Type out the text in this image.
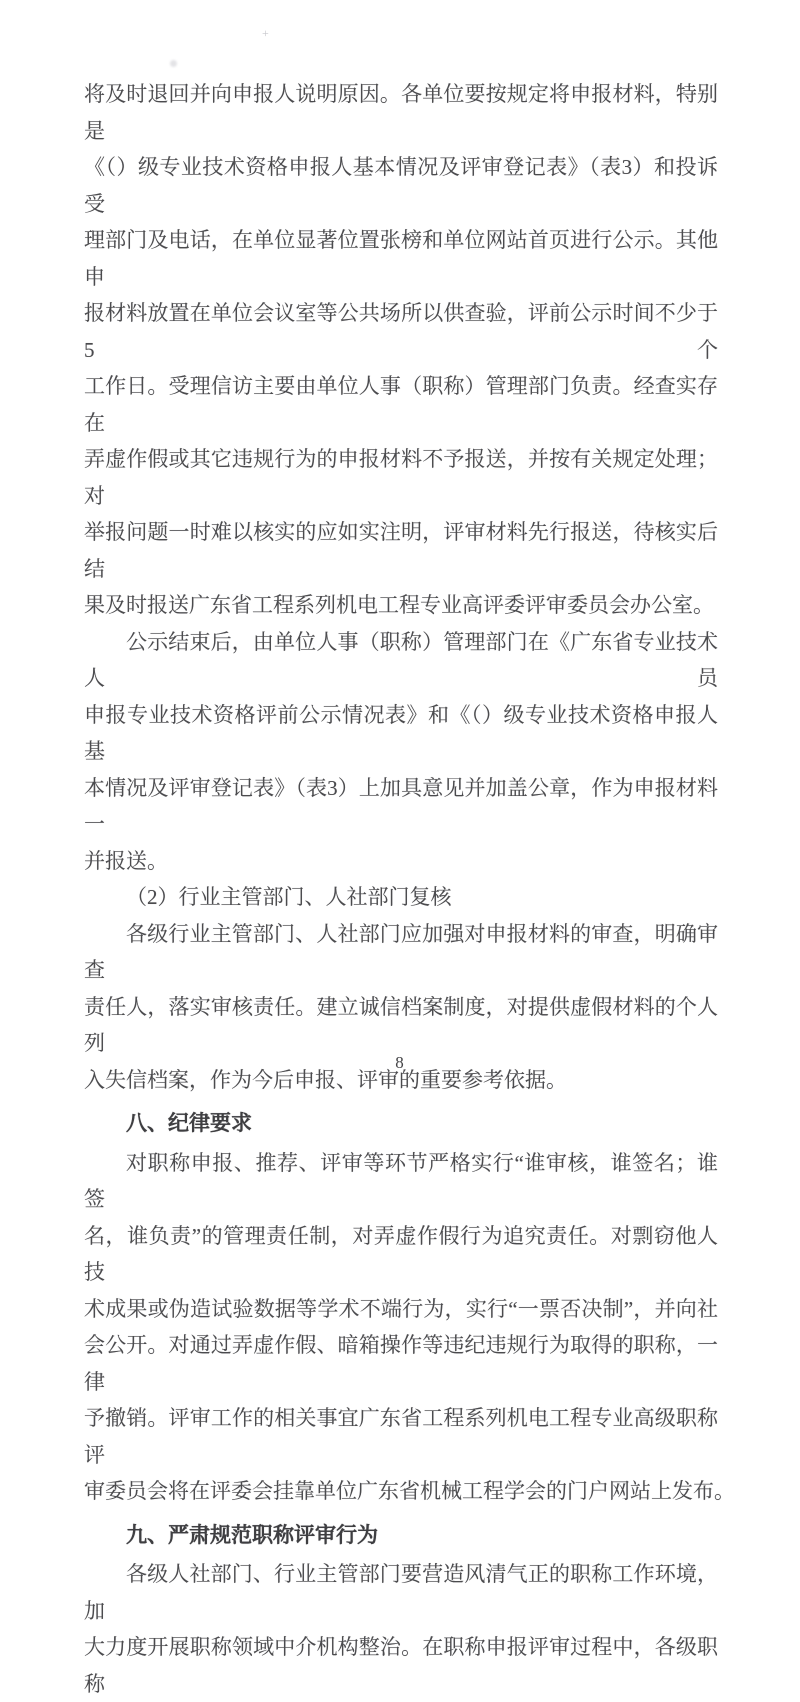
+
将及时退回并向申报人说明原因。各单位要按规定将申报材料，特别是
《（）级专业技术资格申报人基本情况及评审登记表》（表3）和投诉受
理部门及电话，在单位显著位置张榜和单位网站首页进行公示。其他申
报材料放置在单位会议室等公共场所以供查验，评前公示时间不少于5个
工作日。受理信访主要由单位人事（职称）管理部门负责。经查实存在
弄虚作假或其它违规行为的申报材料不予报送，并按有关规定处理；对
举报问题一时难以核实的应如实注明，评审材料先行报送，待核实后结
果及时报送广东省工程系列机电工程专业高评委评审委员会办公室。
公示结束后，由单位人事（职称）管理部门在《广东省专业技术人员
申报专业技术资格评前公示情况表》和《（）级专业技术资格申报人基
本情况及评审登记表》（表3）上加具意见并加盖公章，作为申报材料一
并报送。
（2）行业主管部门、人社部门复核
各级行业主管部门、人社部门应加强对申报材料的审查，明确审查
责任人，落实审核责任。建立诚信档案制度，对提供虚假材料的个人列
入失信档案，作为今后申报、评审的重要参考依据。
八、纪律要求
对职称申报、推荐、评审等环节严格实行“谁审核，谁签名；谁签
名，谁负责”的管理责任制，对弄虚作假行为追究责任。对剽窃他人技
术成果或伪造试验数据等学术不端行为，实行“一票否决制”，并向社
会公开。对通过弄虚作假、暗箱操作等违纪违规行为取得的职称，一律
予撤销。评审工作的相关事宜广东省工程系列机电工程专业高级职称评
审委员会将在评委会挂靠单位广东省机械工程学会的门户网站上发布。
九、严肃规范职称评审行为
各级人社部门、行业主管部门要营造风清气正的职称工作环境，加
大力度开展职称领域中介机构整治。在职称申报评审过程中，各级职称
8
